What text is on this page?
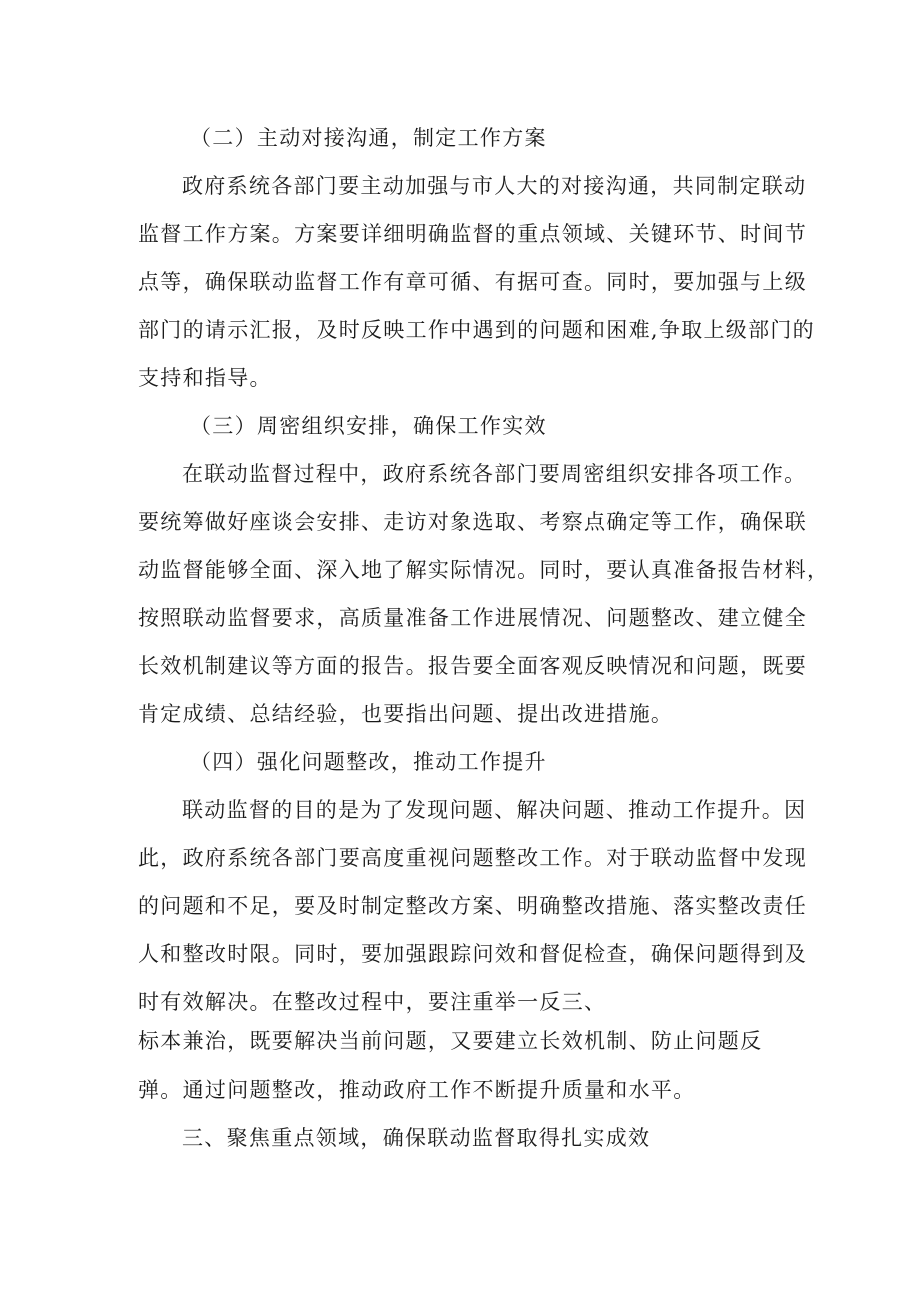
（二）主动对接沟通，制定工作方案
政府系统各部门要主动加强与市人大的对接沟通，共同制定联动
监督工作方案。方案要详细明确监督的重点领域、关键环节、时间节
点等，确保联动监督工作有章可循、有据可查。同时，要加强与上级
部门的请示汇报，及时反映工作中遇到的问题和困难,争取上级部门的
支持和指导。
（三）周密组织安排，确保工作实效
在联动监督过程中，政府系统各部门要周密组织安排各项工作。
要统筹做好座谈会安排、走访对象选取、考察点确定等工作，确保联
动监督能够全面、深入地了解实际情况。同时，要认真准备报告材料，
按照联动监督要求，高质量准备工作进展情况、问题整改、建立健全
长效机制建议等方面的报告。报告要全面客观反映情况和问题，既要
肯定成绩、总结经验，也要指出问题、提出改进措施。
（四）强化问题整改，推动工作提升
联动监督的目的是为了发现问题、解决问题、推动工作提升。因
此，政府系统各部门要高度重视问题整改工作。对于联动监督中发现
的问题和不足，要及时制定整改方案、明确整改措施、落实整改责任
人和整改时限。同时，要加强跟踪问效和督促检查，确保问题得到及
时有效解决。在整改过程中，要注重举一反三、
标本兼治，既要解决当前问题，又要建立长效机制、防止问题反
弹。通过问题整改，推动政府工作不断提升质量和水平。
三、聚焦重点领域，确保联动监督取得扎实成效
